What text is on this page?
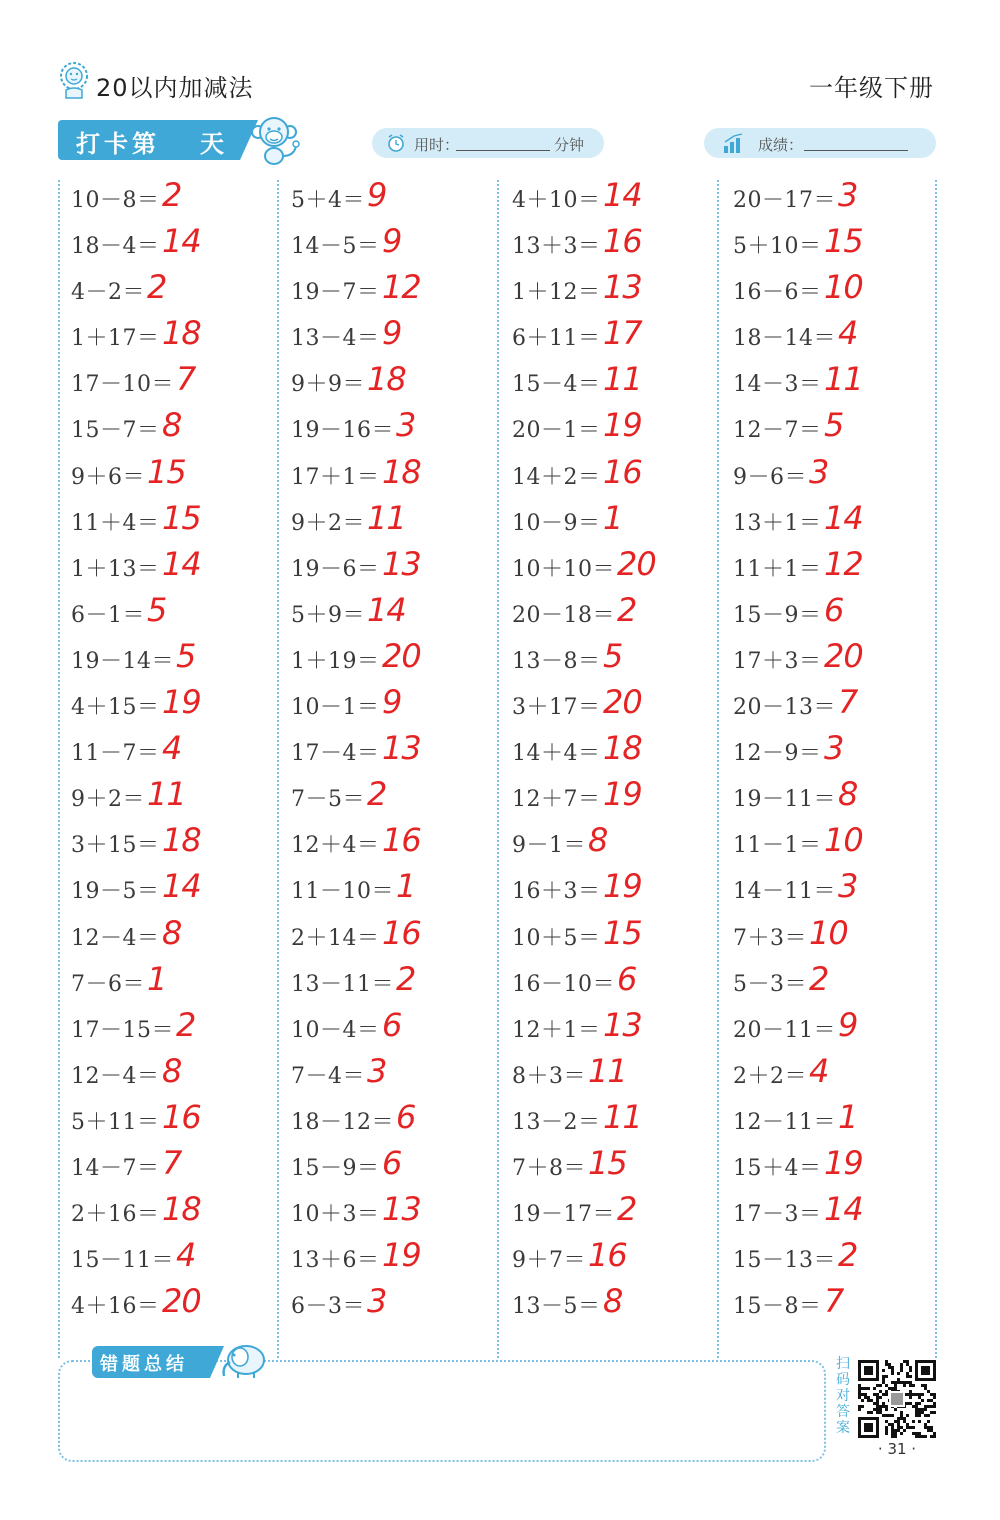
20以内加减法	一年级下册
打卡第 天	用时：	分钟	成绩：
10－8＝ 2
18－4＝ 14
4－2＝ 2
1＋17＝ 18
17－10＝ 7
15－7＝ 8
9＋6＝ 15
11＋4＝ 15
1＋13＝ 14
6－1＝ 5
19－14＝ 5
4＋15＝ 19
11－7＝ 4
9＋2＝ 11
3＋15＝ 18
19－5＝ 14
12－4＝ 8
7－6＝ 1
17－15＝ 2
12－4＝ 8
5＋11＝ 16
14－7＝ 7
2＋16＝ 18
15－11＝ 4
4＋16＝ 20
5＋4＝ 9
14－5＝ 9
19－7＝ 12
13－4＝ 9
9＋9＝ 18
19－16＝ 3
17＋1＝ 18
9＋2＝ 11
19－6＝ 13
5＋9＝ 14
1＋19＝ 20
10－1＝ 9
17－4＝ 13
7－5＝ 2
12＋4＝ 16
11－10＝ 1
2＋14＝ 16
13－11＝ 2
10－4＝ 6
7－4＝ 3
18－12＝ 6
15－9＝ 6
10＋3＝ 13
13＋6＝ 19
6－3＝ 3
4＋10＝ 14
13＋3＝ 16
1＋12＝ 13
6＋11＝ 17
15－4＝ 11
20－1＝ 19
14＋2＝ 16
10－9＝ 1
10＋10＝ 20
20－18＝ 2
13－8＝ 5
3＋17＝ 20
14＋4＝ 18
12＋7＝ 19
9－1＝ 8
16＋3＝ 19
10＋5＝ 15
16－10＝ 6
12＋1＝ 13
8＋3＝ 11
13－2＝ 11
7＋8＝ 15
19－17＝ 2
9＋7＝ 16
13－5＝ 8
20－17＝ 3
5＋10＝ 15
16－6＝ 10
18－14＝ 4
14－3＝ 11
12－7＝ 5
9－6＝ 3
13＋1＝ 14
11＋1＝ 12
15－9＝ 6
17＋3＝ 20
20－13＝ 7
12－9＝ 3
19－11＝ 8
11－1＝ 10
14－11＝ 3
7＋3＝ 10
5－3＝ 2
20－11＝ 9
2＋2＝ 4
12－11＝ 1
15＋4＝ 19
17－3＝ 14
15－13＝ 2
15－8＝ 7
错题总结	扫码对答案
· 31 ·
